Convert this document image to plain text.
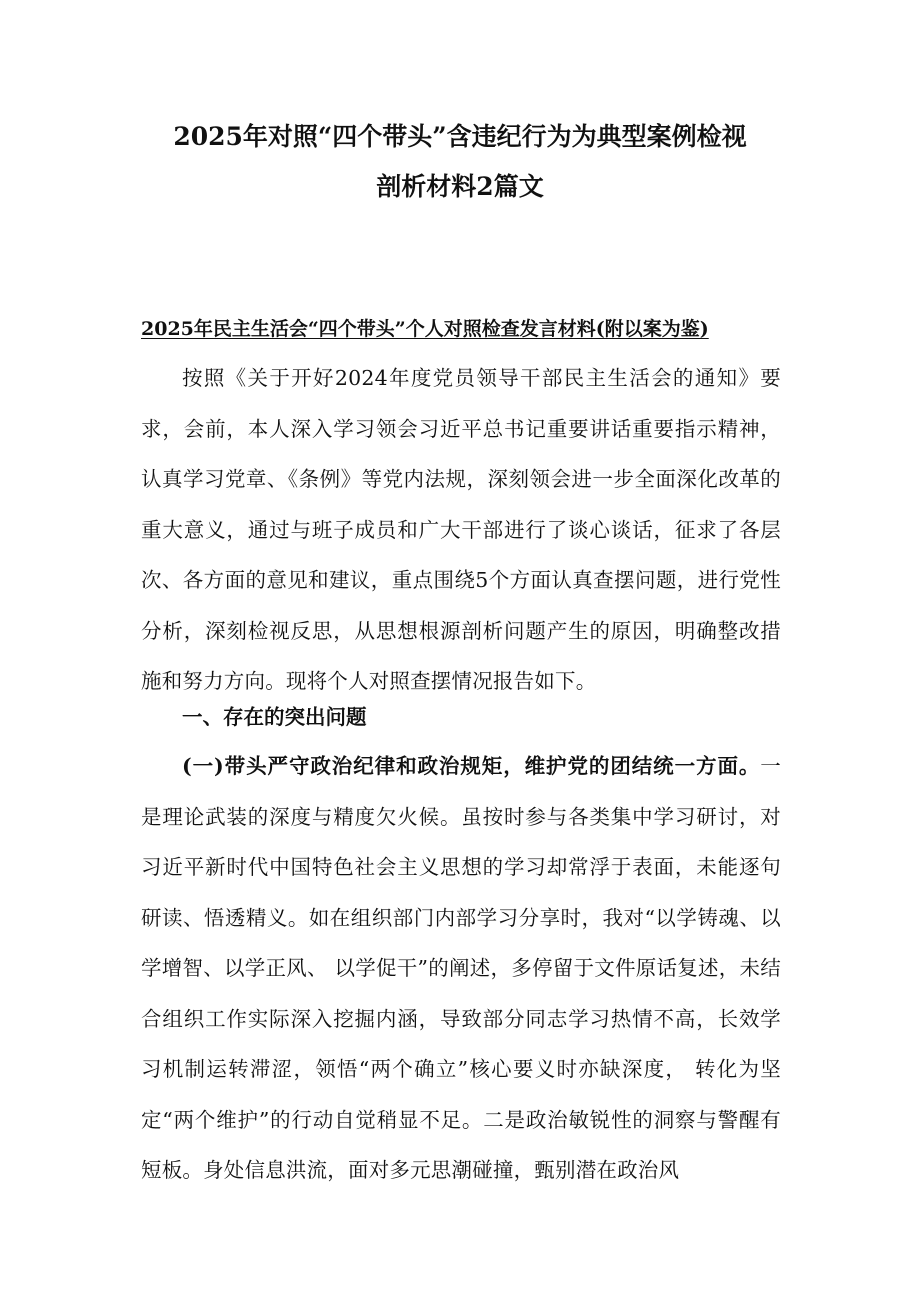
2025年对照“四个带头”含违纪行为为典型案例检视
剖析材料2篇文
2025年民主生活会“四个带头”个人对照检查发言材料(附以案为鉴)

按照《关于开好2024年度党员领导干部民主生活会的通知》要求，会前，本人深入学习领会习近平总书记重要讲话重要指示精神，认真学习党章、《条例》等党内法规，深刻领会进一步全面深化改革的重大意义，通过与班子成员和广大干部进行了谈心谈话，征求了各层次、各方面的意见和建议，重点围绕5个方面认真查摆问题，进行党性分析，深刻检视反思，从思想根源剖析问题产生的原因，明确整改措施和努力方向。现将个人对照查摆情况报告如下。

一、存在的突出问题

(一)带头严守政治纪律和政治规矩，维护党的团结统一方面。一是理论武装的深度与精度欠火候。虽按时参与各类集中学习研讨，对习近平新时代中国特色社会主义思想的学习却常浮于表面，未能逐句研读、悟透精义。如在组织部门内部学习分享时，我对“以学铸魂、以学增智、以学正风、 以学促干”的阐述，多停留于文件原话复述，未结合组织工作实际深入挖掘内涵，导致部分同志学习热情不高，长效学习机制运转滞涩，领悟“两个确立”核心要义时亦缺深度， 转化为坚定“两个维护”的行动自觉稍显不足。二是政治敏锐性的洞察与警醒有短板。身处信息洪流，面对多元思潮碰撞，甄别潜在政治风
